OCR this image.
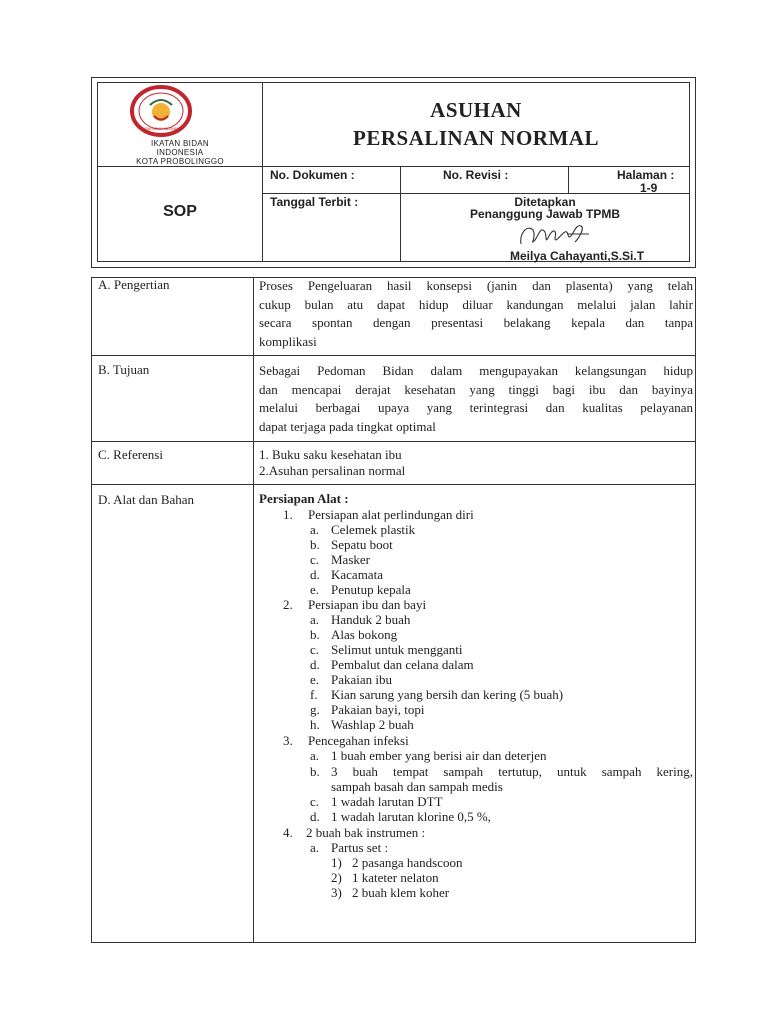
IKATAN BIDAN INDONESIA
IKATAN BIDAN
INDONESIA
KOTA PROBOLINGGO
ASUHAN
PERSALINAN NORMAL
SOP
No. Dokumen :	No. Revisi :	Halaman :
1-9
Tanggal Terbit :	Ditetapkan
Penanggung Jawab TPMB
Meilya Cahayanti,S.Si.T
A. Pengertian	Proses Pengeluaran hasil konsepsi (janin dan plasenta) yang telah
cukup bulan atu dapat hidup diluar kandungan melalui jalan lahir
secara spontan dengan presentasi belakang kepala dan tanpa
komplikasi
B. Tujuan	Sebagai Pedoman Bidan dalam mengupayakan kelangsungan hidup
dan mencapai derajat kesehatan yang tinggi bagi ibu dan bayinya
melalui berbagai upaya yang terintegrasi dan kualitas pelayanan
dapat terjaga pada tingkat optimal
C. Referensi	1. Buku saku kesehatan ibu
2.Asuhan persalinan normal
D. Alat dan Bahan	Persiapan Alat :
1. Persiapan alat perlindungan diri
a. Celemek plastik
b. Sepatu boot
c. Masker
d. Kacamata
e. Penutup kepala
2. Persiapan ibu dan bayi
a. Handuk 2 buah
b. Alas bokong
c. Selimut untuk mengganti
d. Pembalut dan celana dalam
e. Pakaian ibu
f. Kian sarung yang bersih dan kering (5 buah)
g. Pakaian bayi, topi
h. Washlap 2 buah
3. Pencegahan infeksi
a. 1 buah ember yang berisi air dan deterjen
b. 3 buah tempat sampah tertutup, untuk sampah kering,
sampah basah dan sampah medis
c. 1 wadah larutan DTT
d. 1 wadah larutan klorine 0,5 %,
4. 2 buah bak instrumen :
a. Partus set :
1) 2 pasanga handscoon
2) 1 kateter nelaton
3) 2 buah klem koher
